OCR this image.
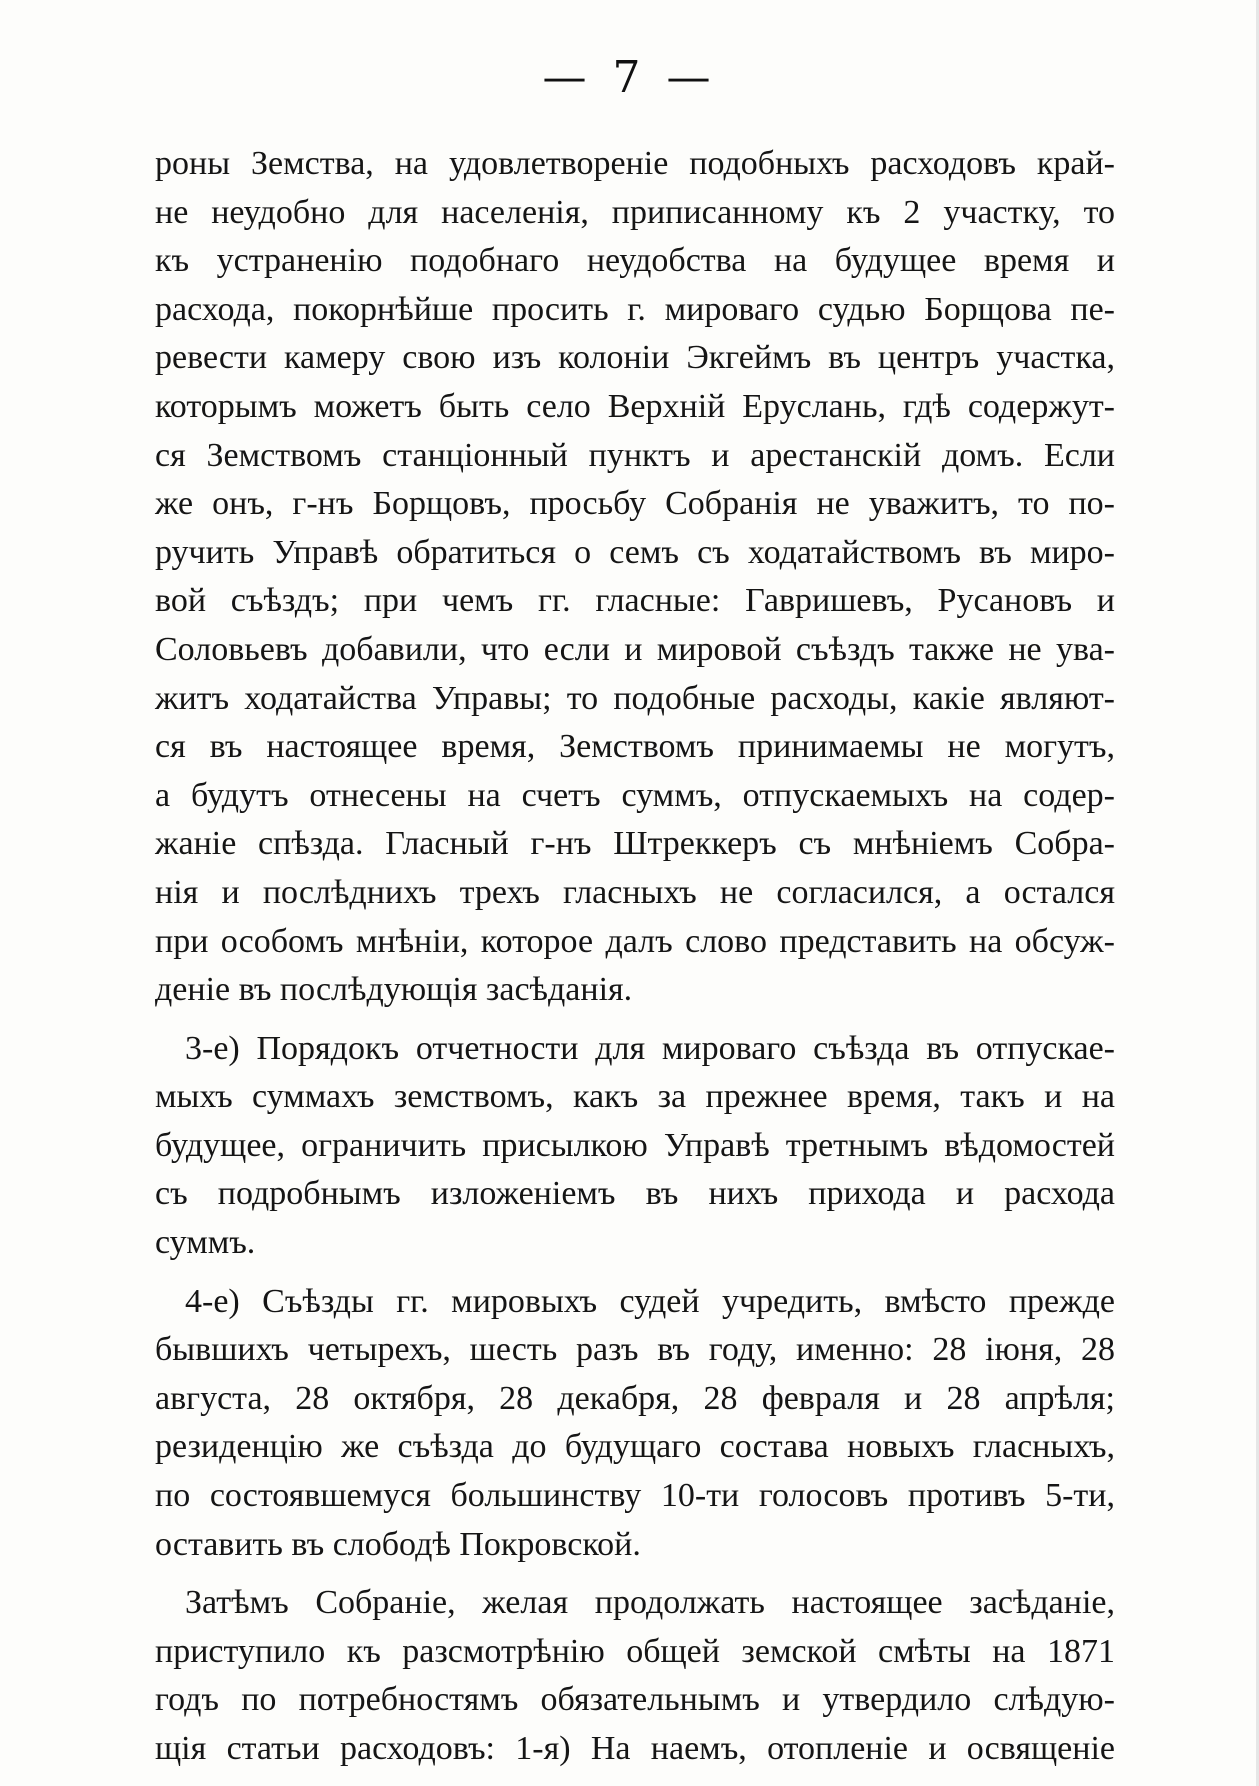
— 7 —
роны Земства, на удовлетвореніе подобныхъ расходовъ край-
не неудобно для населенія, приписанному къ 2 участку, то
къ устраненію подобнаго неудобства на будущее время и
расхода, покорнѣйше просить г. мироваго судью Борщова пе-
ревести камеру свою изъ колоніи Экгеймъ въ центръ участка,
которымъ можетъ быть село Верхній Еруслань, гдѣ содержут-
ся Земствомъ станціонный пунктъ и арестанскій домъ. Если
же онъ, г-нъ Борщовъ, просьбу Собранія не уважитъ, то по-
ручить Управѣ обратиться о семъ съ ходатайствомъ въ миро-
вой съѣздъ; при чемъ гг. гласные: Гавришевъ, Русановъ и
Соловьевъ добавили, что если и мировой съѣздъ также не ува-
житъ ходатайства Управы; то подобные расходы, какіе являют-
ся въ настоящее время, Земствомъ принимаемы не могутъ,
а будутъ отнесены на счетъ суммъ, отпускаемыхъ на содер-
жаніе спѣзда. Гласный г-нъ Штреккеръ съ мнѣніемъ Собра-
нія и послѣднихъ трехъ гласныхъ не согласился, а остался
при особомъ мнѣніи, которое далъ слово представить на обсуж-
деніе въ послѣдующія засѣданія.
3-е) Порядокъ отчетности для мироваго съѣзда въ отпускае-
мыхъ суммахъ земствомъ, какъ за прежнее время, такъ и на
будущее, ограничить присылкою Управѣ третнымъ вѣдомостей
съ подробнымъ изложеніемъ въ нихъ прихода и расхода
суммъ.
4-е) Съѣзды гг. мировыхъ судей учредить, вмѣсто прежде
бывшихъ четырехъ, шесть разъ въ году, именно: 28 іюня, 28
августа, 28 октября, 28 декабря, 28 февраля и 28 апрѣля;
резиденцію же съѣзда до будущаго состава новыхъ гласныхъ,
по состоявшемуся большинству 10-ти голосовъ противъ 5-ти,
оставить въ слободѣ Покровской.
Затѣмъ Собраніе, желая продолжать настоящее засѣданіе,
приступило къ разсмотрѣнію общей земской смѣты на 1871
годъ по потребностямъ обязательнымъ и утвердило слѣдую-
щія статьи расходовъ: 1-я) На наемъ, отопленіе и освященіе
